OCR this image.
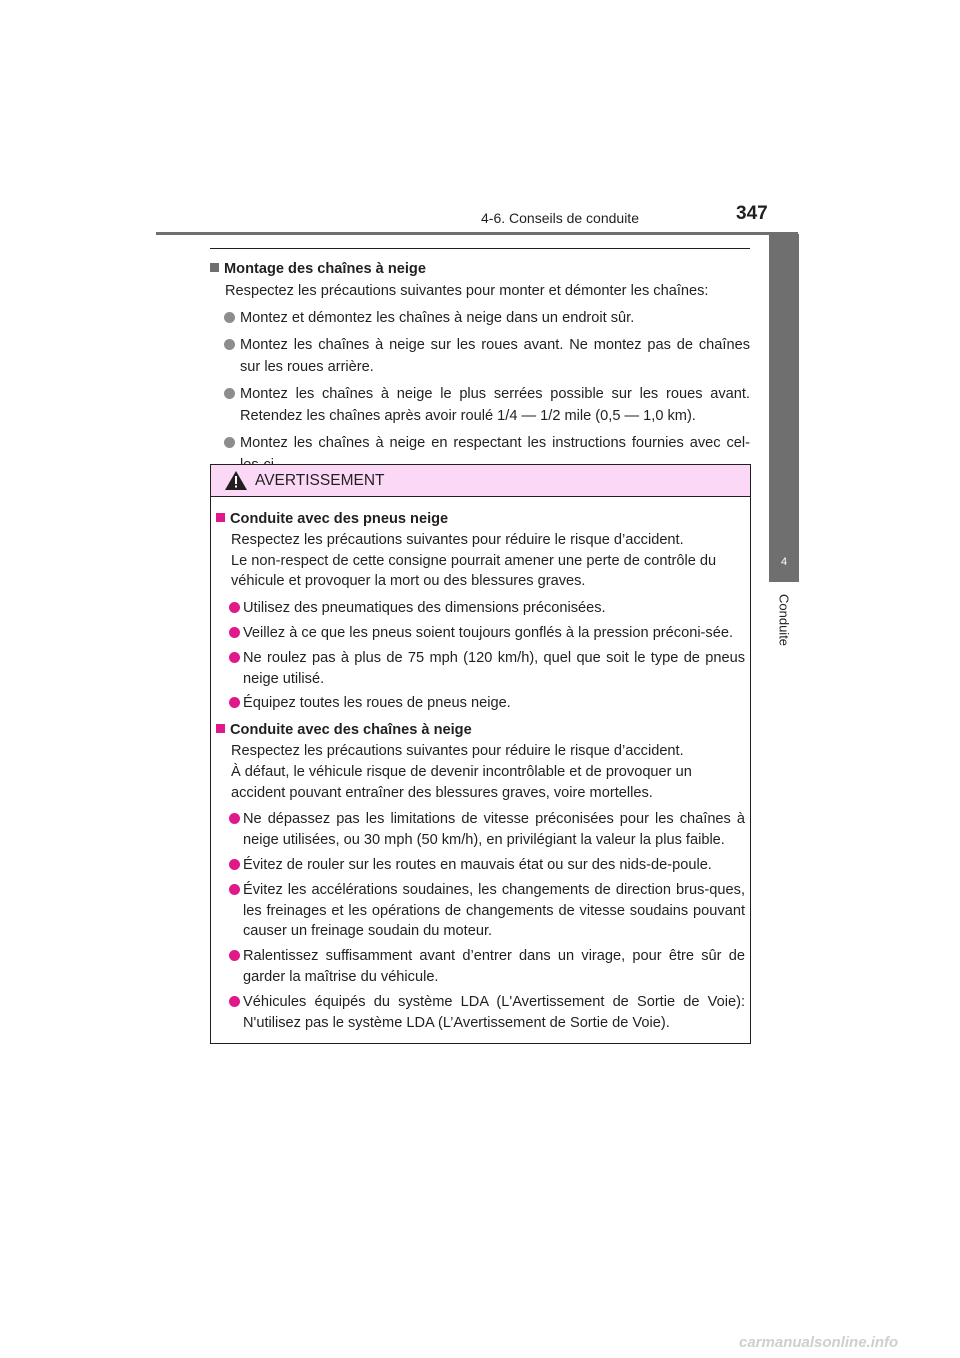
4-6. Conseils de conduite	347
4
Conduite

Montage des chaînes à neige

Respectez les précautions suivantes pour monter et démonter les chaînes:

Montez et démontez les chaînes à neige dans un endroit sûr.
Montez les chaînes à neige sur les roues avant. Ne montez pas de chaînes sur les roues arrière.
Montez les chaînes à neige le plus serrées possible sur les roues avant. Retendez les chaînes après avoir roulé 1/4 — 1/2 mile (0,5 — 1,0 km).
Montez les chaînes à neige en respectant les instructions fournies avec cel-
AVERTISSEMENT

Conduite avec des pneus neige

Respectez les précautions suivantes pour réduire le risque d’accident.

Le non-respect de cette consigne pourrait amener une perte de contrôle du véhicule et provoquer la mort ou des blessures graves.

Utilisez des pneumatiques des dimensions préconisées.
Veillez à ce que les pneus soient toujours gonflés à la pression préconi-sée.
Ne roulez pas à plus de 75 mph (120 km/h), quel que soit le type de pneus neige utilisé.
Équipez toutes les roues de pneus neige.

Conduite avec des chaînes à neige

Respectez les précautions suivantes pour réduire le risque d’accident.

À défaut, le véhicule risque de devenir incontrôlable et de provoquer un accident pouvant entraîner des blessures graves, voire mortelles.

Ne dépassez pas les limitations de vitesse préconisées pour les chaînes à neige utilisées, ou 30 mph (50 km/h), en privilégiant la valeur la plus faible.
Évitez de rouler sur les routes en mauvais état ou sur des nids-de-poule.
Évitez les accélérations soudaines, les changements de direction brus-ques, les freinages et les opérations de changements de vitesse soudains pouvant causer un freinage soudain du moteur.
Ralentissez suffisamment avant d’entrer dans un virage, pour être sûr de garder la maîtrise du véhicule.
Véhicules équipés du système LDA (L'Avertissement de Sortie de Voie): N'utilisez pas le système LDA (L’Avertissement de Sortie de Voie).
carmanualsonline.info
